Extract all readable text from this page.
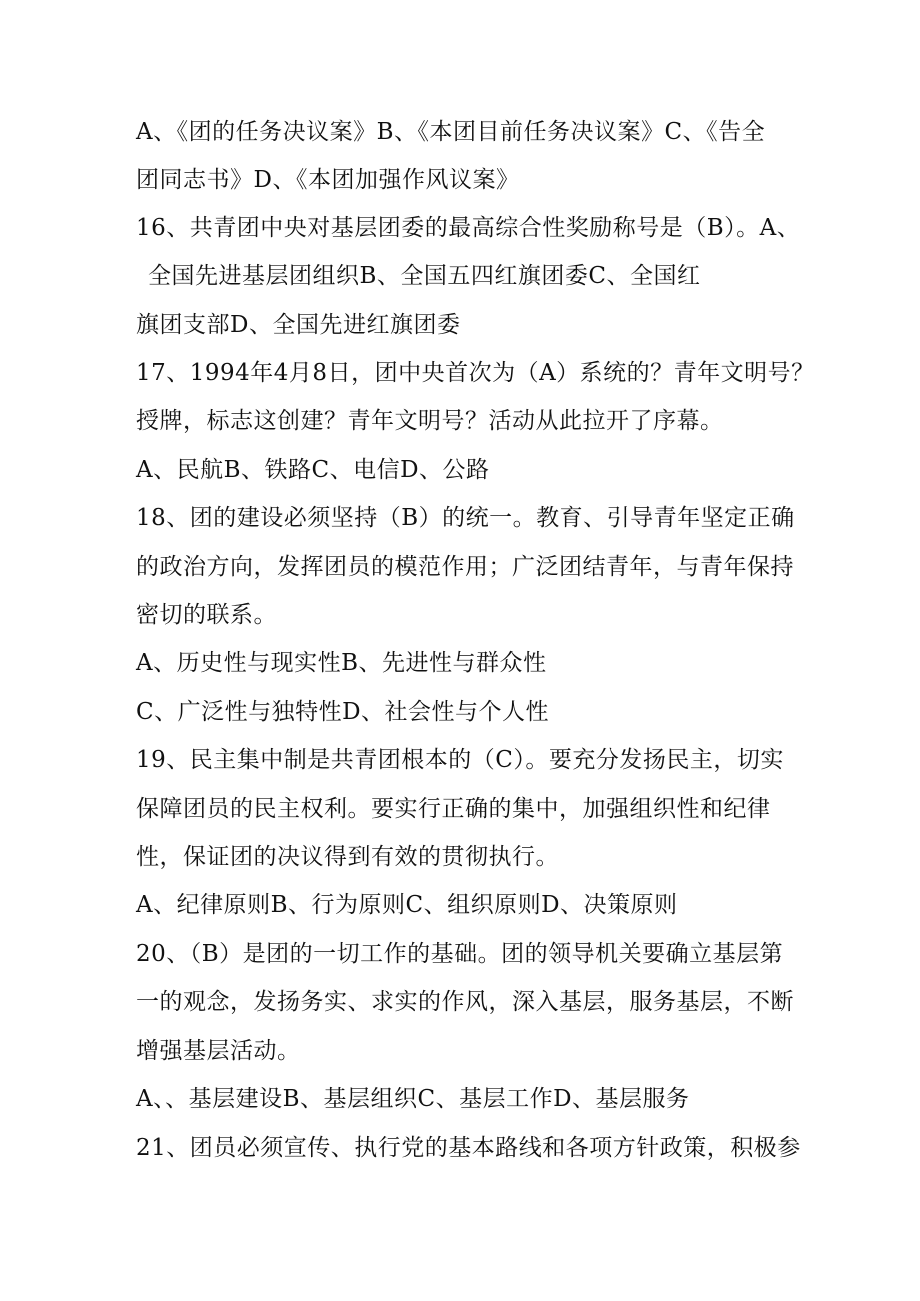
A、《团的任务决议案》B、《本团目前任务决议案》C、《告全
团同志书》D、《本团加强作风议案》
16、共青团中央对基层团委的最高综合性奖励称号是（B）。A、
全国先进基层团组织B、全国五四红旗团委C、全国红
旗团支部D、全国先进红旗团委
17、1994年4月8日，团中央首次为（A）系统的？青年文明号？
授牌，标志这创建？青年文明号？活动从此拉开了序幕。
A、民航B、铁路C、电信D、公路
18、团的建设必须坚持（B）的统一。教育、引导青年坚定正确
的政治方向，发挥团员的模范作用；广泛团结青年，与青年保持
密切的联系。
A、历史性与现实性B、先进性与群众性
C、广泛性与独特性D、社会性与个人性
19、民主集中制是共青团根本的（C）。要充分发扬民主，切实
保障团员的民主权利。要实行正确的集中，加强组织性和纪律
性，保证团的决议得到有效的贯彻执行。
A、纪律原则B、行为原则C、组织原则D、决策原则
20、（B）是团的一切工作的基础。团的领导机关要确立基层第
一的观念，发扬务实、求实的作风，深入基层，服务基层，不断
增强基层活动。
A、、基层建设B、基层组织C、基层工作D、基层服务
21、团员必须宣传、执行党的基本路线和各项方针政策，积极参
